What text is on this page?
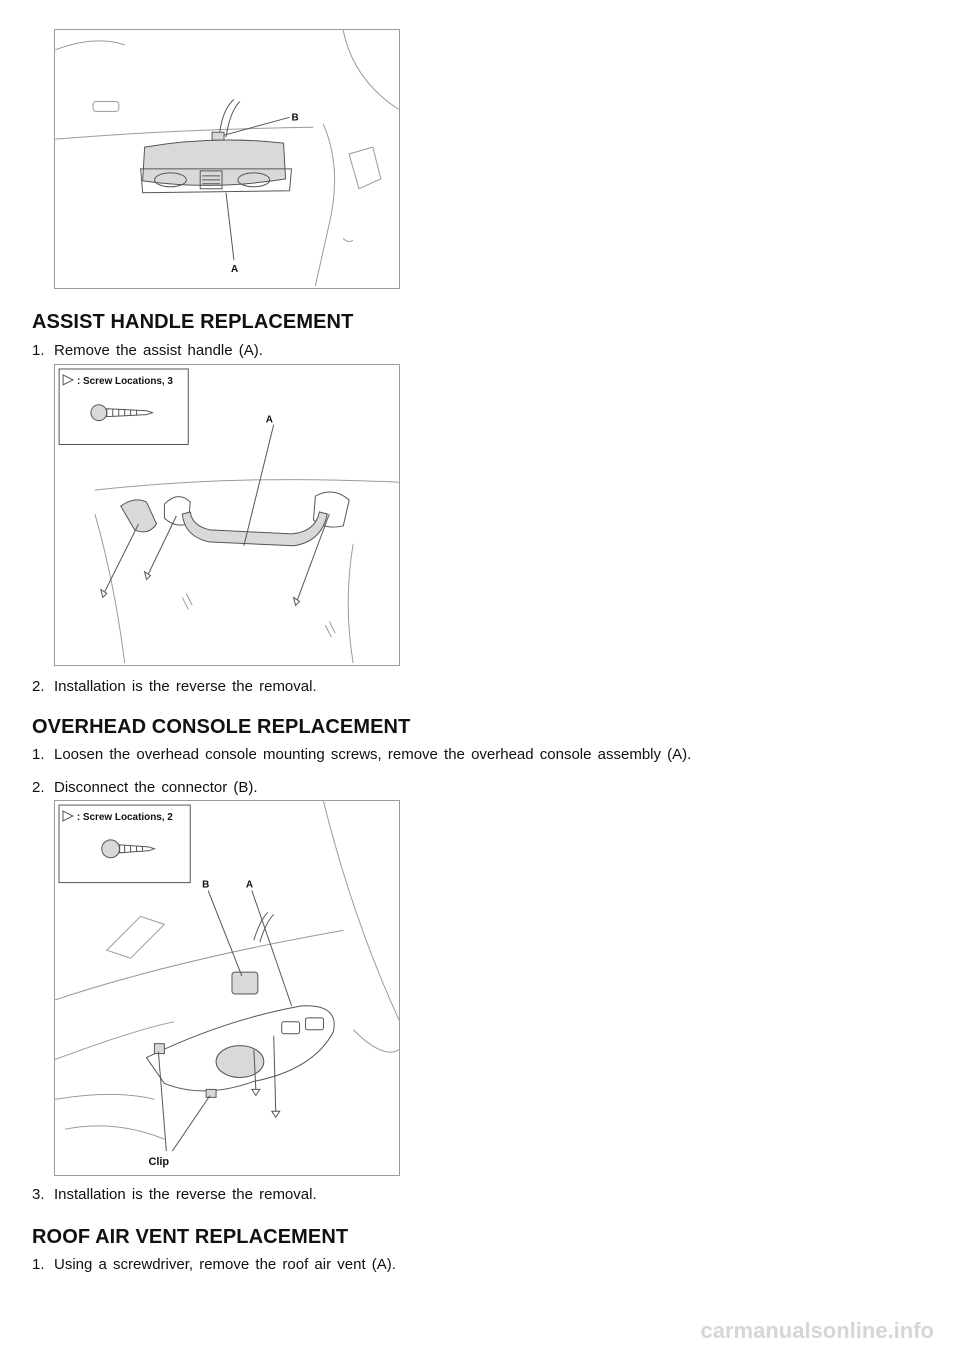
B
A
ASSIST HANDLE REPLACEMENT

1. Remove the assist handle (A).

: Screw Locations, 3
A

2. Installation is the reverse the removal.

OVERHEAD CONSOLE REPLACEMENT

1. Loosen the overhead console mounting screws, remove the overhead console assembly (A).

2. Disconnect the connector (B).

: Screw Locations, 2
B	A
Clip

3. Installation is the reverse the removal.

ROOF AIR VENT REPLACEMENT

1. Using a screwdriver, remove the roof air vent (A).

carmanualsonline.info
